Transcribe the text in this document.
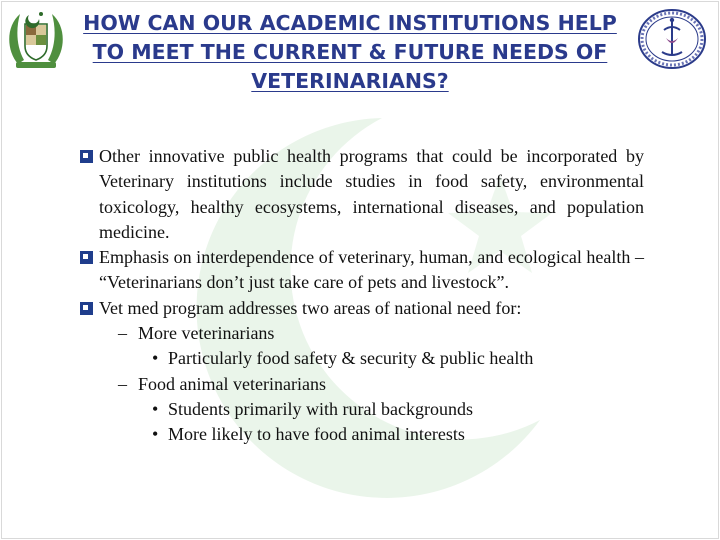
HOW CAN OUR ACADEMIC INSTITUTIONS HELP
TO MEET THE CURRENT & FUTURE NEEDS OF
VETERINARIANS?
Other innovative public health programs that could be incorporated by Veterinary institutions include studies in food safety, environmental toxicology, healthy ecosystems, international diseases, and population medicine.
Emphasis on interdependence of veterinary, human, and ecological health – “Veterinarians don’t just take care of pets and livestock”.
Vet med program addresses two areas of national need for:
– More veterinarians
• Particularly food safety & security & public health
– Food animal veterinarians
• Students primarily with rural backgrounds
• More likely to have food animal interests
